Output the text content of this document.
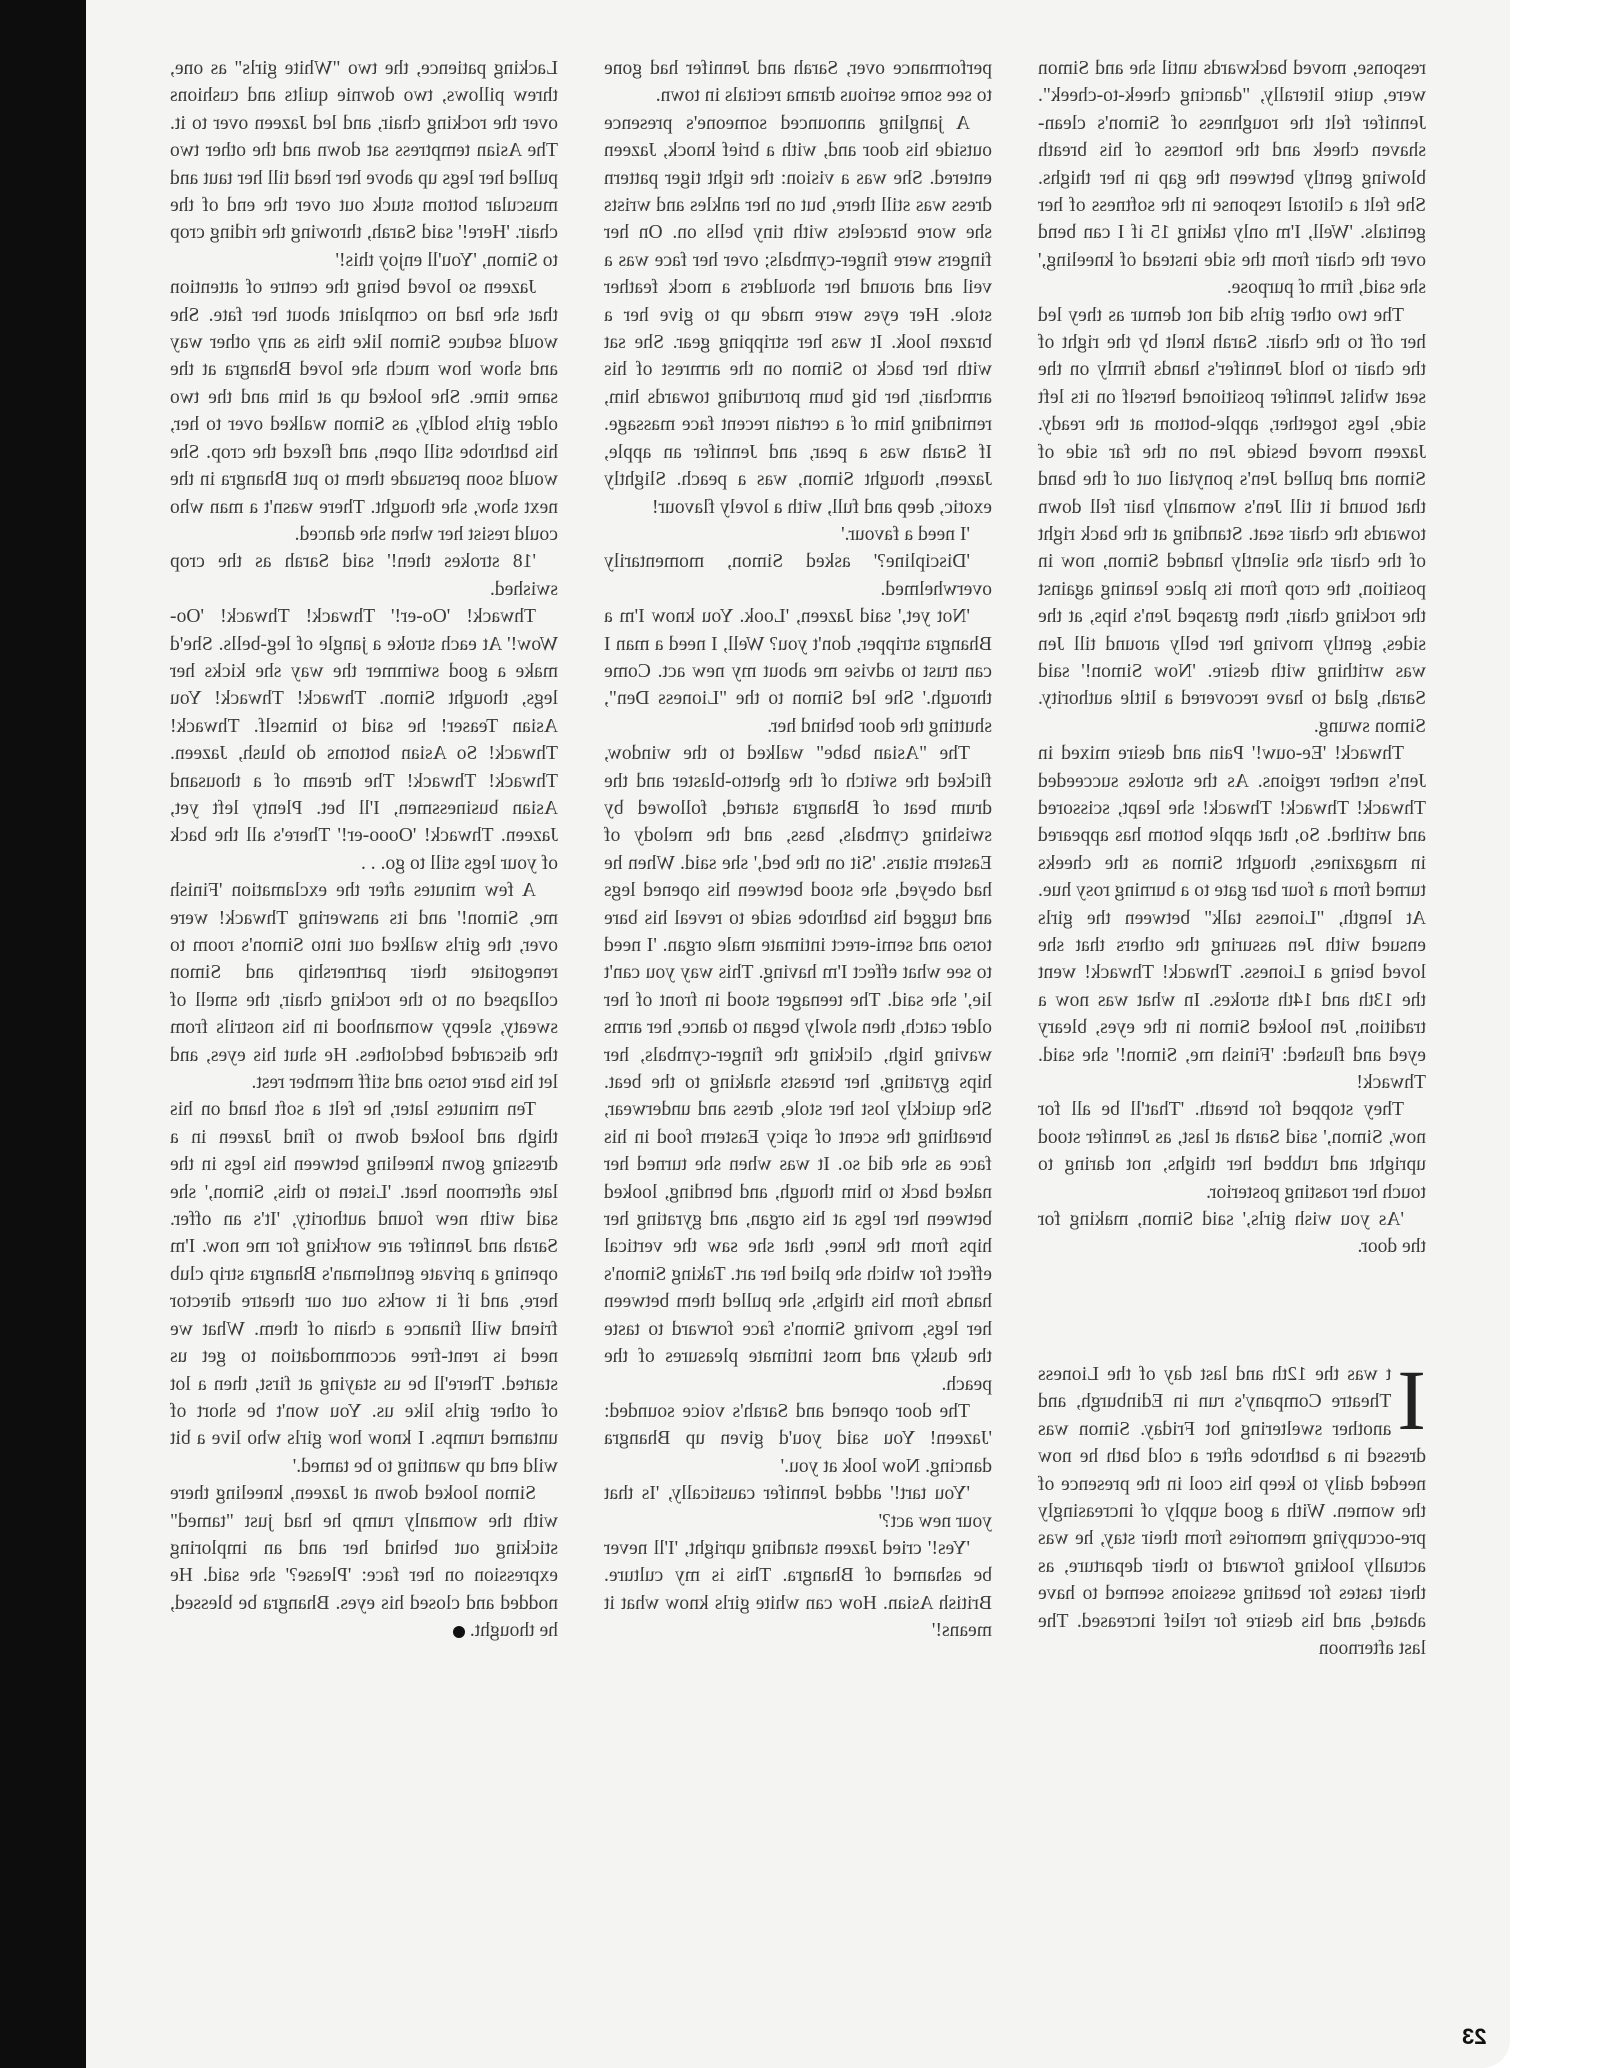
response, moved backwards until she and Simon were, quite literally, "dancing cheek-to-cheek". Jennifer felt the roughness of Simon's clean-shaven cheek and the hotness of his breath blowing gently between the gap in her thighs. She felt a clitoral response in the softness of her genitals. 'Well, I'm only taking 15 if I can bend over the chair from the side instead of kneeling,' she said, firm of purpose.

The two other girls did not demur as they led her off to the chair. Sarah knelt by the right of the chair to hold Jennifer's hands firmly on the seat whilst Jennifer positioned herself on its left side, legs together, apple-bottom at the ready. Jazeen moved beside Jen on the far side of Simon and pulled Jen's ponytail out of the band that bound it till Jen's womanly hair fell down towards the chair seat. Standing at the back right of the chair she silently handed Simon, now in position, the crop from its place leaning against the rocking chair, then grasped Jen's hips, at the sides, gently moving her belly around till Jen was writhing with desire. 'Now Simon!' said Sarah, glad to have recovered a little authority. Simon swung.

Thwack! 'Ee-ouw!' Pain and desire mixed in Jen's nether regions. As the strokes succeeded Thwack! Thwack! Thwack! she leapt, scissored and writhed. So, that apple bottom has appeared in magazines, thought Simon as the cheeks turned from a four bar gate to a burning rosy hue. At length, "Lioness talk" between the girls ensued with Jen assuring the others that she loved being a Lioness. Thwack! Thwack! went the 13th and 14th strokes. In what was now a tradition, Jen looked Simon in the eyes, bleary eyed and flushed: 'Finish me, Simon!' she said. Thwack!

They stopped for breath. 'That'll be all for now, Simon,' said Sarah at last, as Jennifer stood upright and rubbed her thighs, not daring to touch her roasting posterior.

'As you wish girls,' said Simon, making for the door.

I
t was the 12th and last day of the Lioness Theatre Company's run in Edinburgh, and another sweltering hot Friday. Simon was dressed in a bathrobe after a cold bath he now needed daily to keep his cool in the presence of the women. With a good supply of increasingly pre-occupying memories from their stay, he was actually looking forward to their departure, as their tastes for beating sessions seemed to have abated, and his desire for relief increased. The last afternoon

performance over, Sarah and Jennifer had gone to see some serious drama recitals in town.

A jangling announced someone's presence outside his door and, with a brief knock, Jazeen entered. She was a vision: the tight tiger pattern dress was still there, but on her ankles and wrists she wore bracelets with tiny bells on. On her fingers were finger-cymbals; over her face was a veil and around her shoulders a mock feather stole. Her eyes were made up to give her a brazen look. It was her stripping gear. She sat with her back to Simon on the armrest of his armchair, her big bum protruding towards him, reminding him of a certain recent face massage. If Sarah was a pear, and Jennifer an apple, Jazeen, thought Simon, was a peach. Slightly exotic, deep and full, with a lovely flavour!

'I need a favour.'

'Discipline?' asked Simon, momentarily overwhelmed.

'Not yet,' said Jazeen, 'Look. You know I'm a Bhangra stripper, don't you? Well, I need a man I can trust to advise me about my new act. Come through.' She led Simon to the "Lioness Den", shutting the door behind her.

The "Asian babe" walked to the window, flicked the switch of the ghetto-blaster and the drum beat of Bhangra started, followed by swishing cymbals, bass, and the melody of Eastern sitars. 'Sit on the bed,' she said. When he had obeyed, she stood between his opened legs and tugged his bathrobe aside to reveal his bare torso and semi-erect intimate male organ. 'I need to see what effect I'm having. This way you can't lie,' she said. The teenager stood in front of her older catch, then slowly began to dance, her arms waving high, clicking the finger-cymbals, her hips gyrating, her breasts shaking to the beat. She quickly lost her stole, dress and underwear, breathing the scent of spicy Eastern food in his face as she did so. It was when she turned her naked back to him though, and bending, looked between her legs at his organ, and gyrating her hips from the knee, that she saw the vertical effect for which she plied her art. Taking Simon's hands from his thighs, she pulled them between her legs, moving Simon's face forward to taste the dusky and most intimate pleasures of the peach.

The door opened and Sarah's voice sounded: 'Jazeen! You said you'd given up Bhangra dancing. Now look at you.'

'You tart!' added Jennifer caustically, 'Is that your new act?'

'Yes!' cried Jazeen standing upright, 'I'll never be ashamed of Bhangra. This is my culture. British Asian. How can white girls know what it means!'

Lacking patience, the two "White girls" as one, threw pillows, two downie quilts and cushions over the rocking chair, and led Jazeen over to it. The Asian temptress sat down and the other two pulled her legs up above her head till her taut and muscular bottom stuck out over the end of the chair. 'Here!' said Sarah, throwing the riding crop to Simon, 'You'll enjoy this!'

Jazeen so loved being the centre of attention that she had no complaint about her fate. She would seduce Simon like this as any other way and show how much she loved Bhangra at the same time. She looked up at him and the two older girls boldly, as Simon walked over to her, his bathrobe still open, and flexed the crop. She would soon persuade them to put Bhangra in the next show, she thought. There wasn't a man who could resist her when she danced.

'18 strokes then!' said Sarah as the crop swished.

Thwack! 'Oo-er!' Thwack! Thwack! 'Oo-Wow!' At each stroke a jangle of leg-bells. She'd make a good swimmer the way she kicks her legs, thought Simon. Thwack! Thwack! You Asian Teaser! he said to himself. Thwack! Thwack! So Asian bottoms do blush, Jazeen. Thwack! Thwack! The dream of a thousand Asian businessmen, I'll bet. Plenty left yet, Jazeen. Thwack! 'Oooo-er!' There's all the back of your legs still to go. . .

A few minutes after the exclamation 'Finish me, Simon!' and its answering Thwack! were over, the girls walked out into Simon's room to renegotiate their partnership and Simon collapsed on to the rocking chair, the smell of sweaty, sleepy womanhood in his nostrils from the discarded bedclothes. He shut his eyes, and let his bare torso and stiff member rest.

Ten minutes later, he felt a soft hand on his thigh and looked down to find Jazeen in a dressing gown kneeling between his legs in the late afternoon heat. 'Listen to this, Simon,' she said with new found authority, 'It's an offer. Sarah and Jennifer are working for me now. I'm opening a private gentleman's Bhangra strip club here, and if it works out our theatre director friend will finance a chain of them. What we need is rent-free accommodation to get us started. There'll be us staying at first, then a lot of other girls like us. You won't be short of untamed rumps. I know how girls who live a bit wild end up wanting to be tamed.'

Simon looked down at Jazeen, kneeling there with the womanly rump he had just "tamed" sticking out behind her and an imploring expression on her face: 'Please?' she said. He nodded and closed his eyes. Bhangra be blessed, he thought.

23
